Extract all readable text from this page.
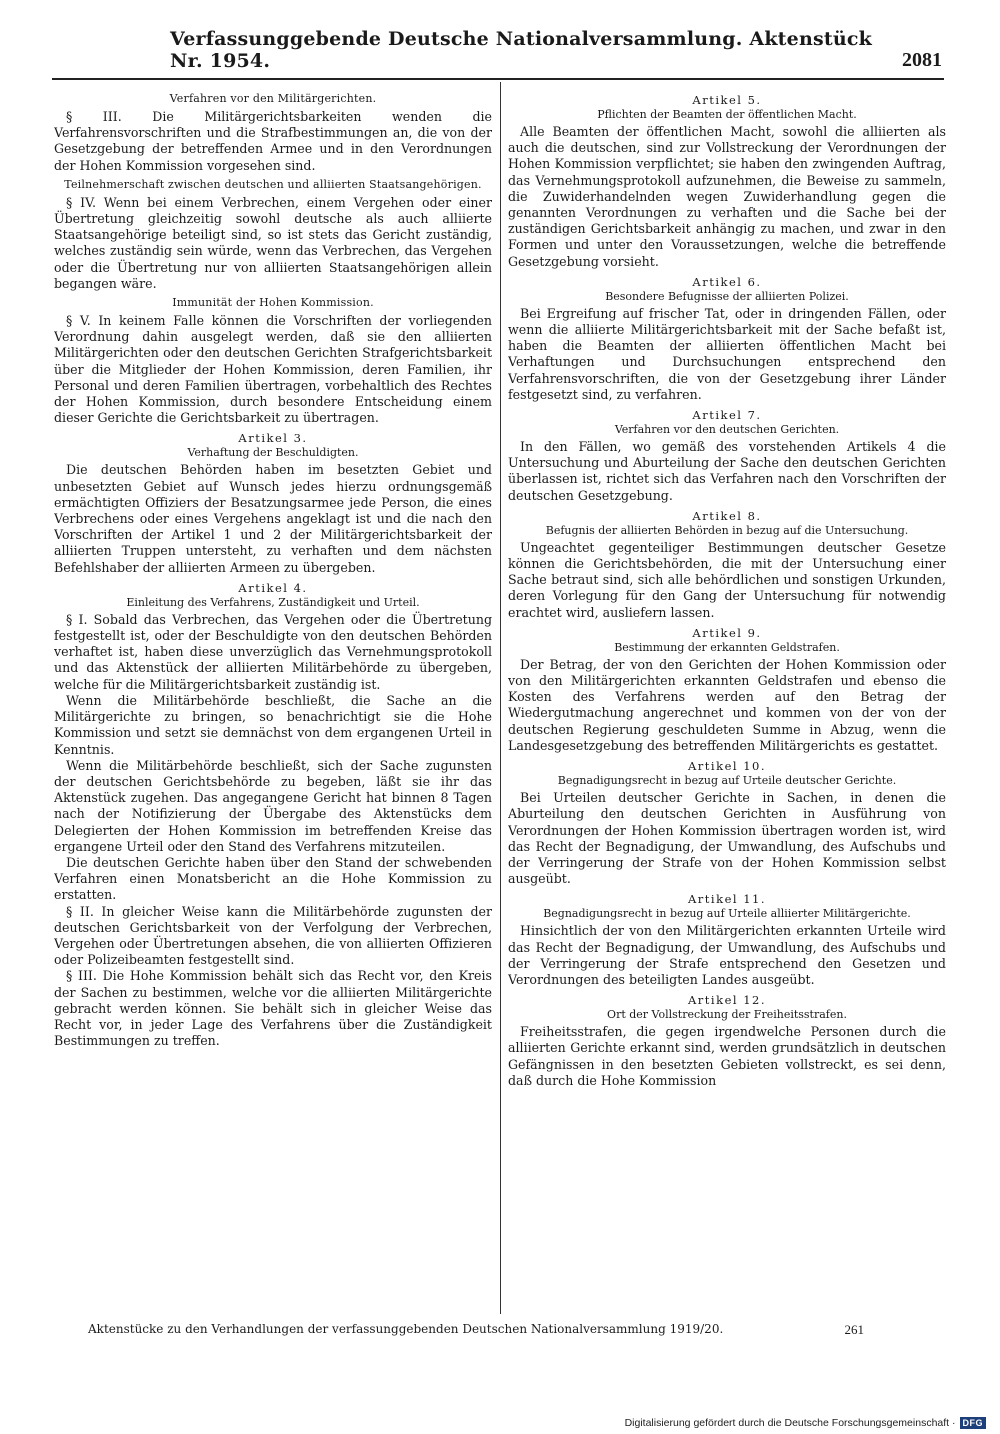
Verfassunggebende Deutsche Nationalversammlung. Aktenstück Nr. 1954.	2081

Verfahren vor den Militärgerichten.

§ III. Die Militärgerichtsbarkeiten wenden die Verfahrensvorschriften und die Strafbestimmungen an, die von der Gesetzgebung der betreffenden Armee und in den Verordnungen der Hohen Kommission vorgesehen sind.

Teilnehmerschaft zwischen deutschen und alliierten Staatsangehörigen.

§ IV. Wenn bei einem Verbrechen, einem Vergehen oder einer Übertretung gleichzeitig sowohl deutsche als auch alliierte Staatsangehörige beteiligt sind, so ist stets das Gericht zuständig, welches zuständig sein würde, wenn das Verbrechen, das Vergehen oder die Übertretung nur von alliierten Staatsangehörigen allein begangen wäre.

Immunität der Hohen Kommission.

§ V. In keinem Falle können die Vorschriften der vorliegenden Verordnung dahin ausgelegt werden, daß sie den alliierten Militärgerichten oder den deutschen Gerichten Strafgerichtsbarkeit über die Mitglieder der Hohen Kommission, deren Familien, ihr Personal und deren Familien übertragen, vorbehaltlich des Rechtes der Hohen Kommission, durch besondere Entscheidung einem dieser Gerichte die Gerichtsbarkeit zu übertragen.

Artikel 3.

Verhaftung der Beschuldigten.

Die deutschen Behörden haben im besetzten Gebiet und unbesetzten Gebiet auf Wunsch jedes hierzu ordnungsgemäß ermächtigten Offiziers der Besatzungsarmee jede Person, die eines Verbrechens oder eines Vergehens angeklagt ist und die nach den Vorschriften der Artikel 1 und 2 der Militärgerichtsbarkeit der alliierten Truppen untersteht, zu verhaften und dem nächsten Befehlshaber der alliierten Armeen zu übergeben.

Artikel 4.

Einleitung des Verfahrens, Zuständigkeit und Urteil.

§ I. Sobald das Verbrechen, das Vergehen oder die Übertretung festgestellt ist, oder der Beschuldigte von den deutschen Behörden verhaftet ist, haben diese unverzüglich das Vernehmungsprotokoll und das Aktenstück der alliierten Militärbehörde zu übergeben, welche für die Militärgerichtsbarkeit zuständig ist.

Wenn die Militärbehörde beschließt, die Sache an die Militärgerichte zu bringen, so benachrichtigt sie die Hohe Kommission und setzt sie demnächst von dem ergangenen Urteil in Kenntnis.

Wenn die Militärbehörde beschließt, sich der Sache zugunsten der deutschen Gerichtsbehörde zu begeben, läßt sie ihr das Aktenstück zugehen. Das angegangene Gericht hat binnen 8 Tagen nach der Notifizierung der Übergabe des Aktenstücks dem Delegierten der Hohen Kommission im betreffenden Kreise das ergangene Urteil oder den Stand des Verfahrens mitzuteilen.

Die deutschen Gerichte haben über den Stand der schwebenden Verfahren einen Monatsbericht an die Hohe Kommission zu erstatten.

§ II. In gleicher Weise kann die Militärbehörde zugunsten der deutschen Gerichtsbarkeit von der Verfolgung der Verbrechen, Vergehen oder Übertretungen absehen, die von alliierten Offizieren oder Polizeibeamten festgestellt sind.

§ III. Die Hohe Kommission behält sich das Recht vor, den Kreis der Sachen zu bestimmen, welche vor die alliierten Militärgerichte gebracht werden können. Sie behält sich in gleicher Weise das Recht vor, in jeder Lage des Verfahrens über die Zuständigkeit Bestimmungen zu treffen.

Artikel 5.

Pflichten der Beamten der öffentlichen Macht.

Alle Beamten der öffentlichen Macht, sowohl die alliierten als auch die deutschen, sind zur Vollstreckung der Verordnungen der Hohen Kommission verpflichtet; sie haben den zwingenden Auftrag, das Vernehmungsprotokoll aufzunehmen, die Beweise zu sammeln, die Zuwiderhandelnden wegen Zuwiderhandlung gegen die genannten Verordnungen zu verhaften und die Sache bei der zuständigen Gerichtsbarkeit anhängig zu machen, und zwar in den Formen und unter den Voraussetzungen, welche die betreffende Gesetzgebung vorsieht.

Artikel 6.

Besondere Befugnisse der alliierten Polizei.

Bei Ergreifung auf frischer Tat, oder in dringenden Fällen, oder wenn die alliierte Militärgerichtsbarkeit mit der Sache befaßt ist, haben die Beamten der alliierten öffentlichen Macht bei Verhaftungen und Durchsuchungen entsprechend den Verfahrensvorschriften, die von der Gesetzgebung ihrer Länder festgesetzt sind, zu verfahren.

Artikel 7.

Verfahren vor den deutschen Gerichten.

In den Fällen, wo gemäß des vorstehenden Artikels 4 die Untersuchung und Aburteilung der Sache den deutschen Gerichten überlassen ist, richtet sich das Verfahren nach den Vorschriften der deutschen Gesetzgebung.

Artikel 8.

Befugnis der alliierten Behörden in bezug auf die Untersuchung.

Ungeachtet gegenteiliger Bestimmungen deutscher Gesetze können die Gerichtsbehörden, die mit der Untersuchung einer Sache betraut sind, sich alle behördlichen und sonstigen Urkunden, deren Vorlegung für den Gang der Untersuchung für notwendig erachtet wird, ausliefern lassen.

Artikel 9.

Bestimmung der erkannten Geldstrafen.

Der Betrag, der von den Gerichten der Hohen Kommission oder von den Militärgerichten erkannten Geldstrafen und ebenso die Kosten des Verfahrens werden auf den Betrag der Wiedergutmachung angerechnet und kommen von der von der deutschen Regierung geschuldeten Summe in Abzug, wenn die Landesgesetzgebung des betreffenden Militärgerichts es gestattet.

Artikel 10.

Begnadigungsrecht in bezug auf Urteile deutscher Gerichte.

Bei Urteilen deutscher Gerichte in Sachen, in denen die Aburteilung den deutschen Gerichten in Ausführung von Verordnungen der Hohen Kommission übertragen worden ist, wird das Recht der Begnadigung, der Umwandlung, des Aufschubs und der Verringerung der Strafe von der Hohen Kommission selbst ausgeübt.

Artikel 11.

Begnadigungsrecht in bezug auf Urteile alliierter Militärgerichte.

Hinsichtlich der von den Militärgerichten erkannten Urteile wird das Recht der Begnadigung, der Umwandlung, des Aufschubs und der Verringerung der Strafe entsprechend den Gesetzen und Verordnungen des beteiligten Landes ausgeübt.

Artikel 12.

Ort der Vollstreckung der Freiheitsstrafen.

Freiheitsstrafen, die gegen irgendwelche Personen durch die alliierten Gerichte erkannt sind, werden grundsätzlich in deutschen Gefängnissen in den besetzten Gebieten vollstreckt, es sei denn, daß durch die Hohe Kommission

Aktenstücke zu den Verhandlungen der verfassunggebenden Deutschen Nationalversammlung 1919/20.	261
Digitalisierung gefördert durch die Deutsche Forschungsgemeinschaft · DFG
